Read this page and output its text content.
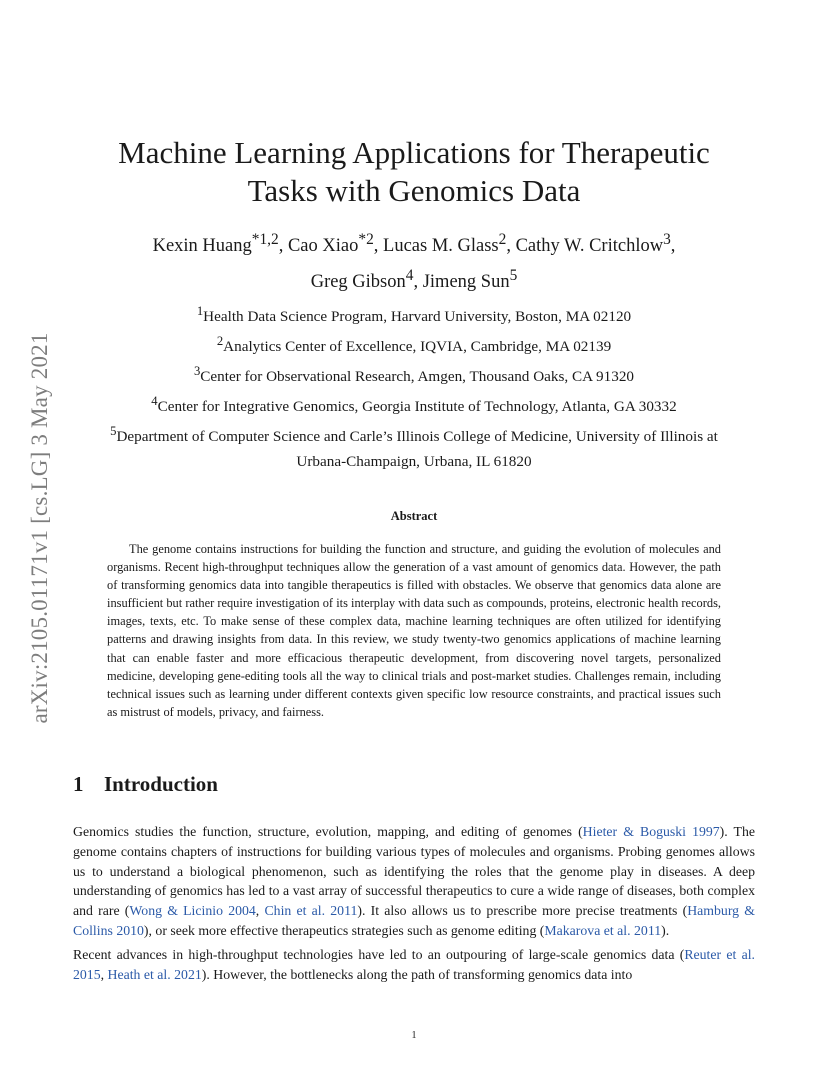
arXiv:2105.01171v1 [cs.LG] 3 May 2021
Machine Learning Applications for Therapeutic
Tasks with Genomics Data
Kexin Huang$^{*1,2}$, Cao Xiao$^{*2}$, Lucas M. Glass$^2$, Cathy W. Critchlow$^3$,
Greg Gibson$^4$, Jimeng Sun$^5$
$^1$Health Data Science Program, Harvard University, Boston, MA 02120
$^2$Analytics Center of Excellence, IQVIA, Cambridge, MA 02139
$^3$Center for Observational Research, Amgen, Thousand Oaks, CA 91320
$^4$Center for Integrative Genomics, Georgia Institute of Technology, Atlanta, GA 30332
$^5$Department of Computer Science and Carle’s Illinois College of Medicine, University of Illinois at
Urbana-Champaign, Urbana, IL 61820
Abstract
The genome contains instructions for building the function and structure, and guiding the evolution of molecules and organisms. Recent high-throughput techniques allow the generation of a vast amount of genomics data. However, the path of transforming genomics data into tangible therapeutics is filled with obstacles. We observe that genomics data alone are insufficient but rather require investigation of its interplay with data such as compounds, proteins, electronic health records, images, texts, etc. To make sense of these complex data, machine learning techniques are often utilized for identifying patterns and drawing insights from data. In this review, we study twenty-two genomics applications of machine learning that can enable faster and more efficacious therapeutic development, from discovering novel targets, personalized medicine, developing gene-editing tools all the way to clinical trials and post-market studies. Challenges remain, including technical issues such as learning under different contexts given specific low resource constraints, and practical issues such as mistrust of models, privacy, and fairness.
1 Introduction

Genomics studies the function, structure, evolution, mapping, and editing of genomes (Hieter & Boguski 1997). The genome contains chapters of instructions for building various types of molecules and organisms. Probing genomes allows us to understand a biological phenomenon, such as identifying the roles that the genome play in diseases. A deep understanding of genomics has led to a vast array of successful therapeutics to cure a wide range of diseases, both complex and rare (Wong & Licinio 2004, Chin et al. 2011). It also allows us to prescribe more precise treatments (Hamburg & Collins 2010), or seek more effective therapeutics strategies such as genome editing (Makarova et al. 2011).

Recent advances in high-throughput technologies have led to an outpouring of large-scale genomics data (Reuter et al. 2015, Heath et al. 2021). However, the bottlenecks along the path of transforming genomics data into

1
